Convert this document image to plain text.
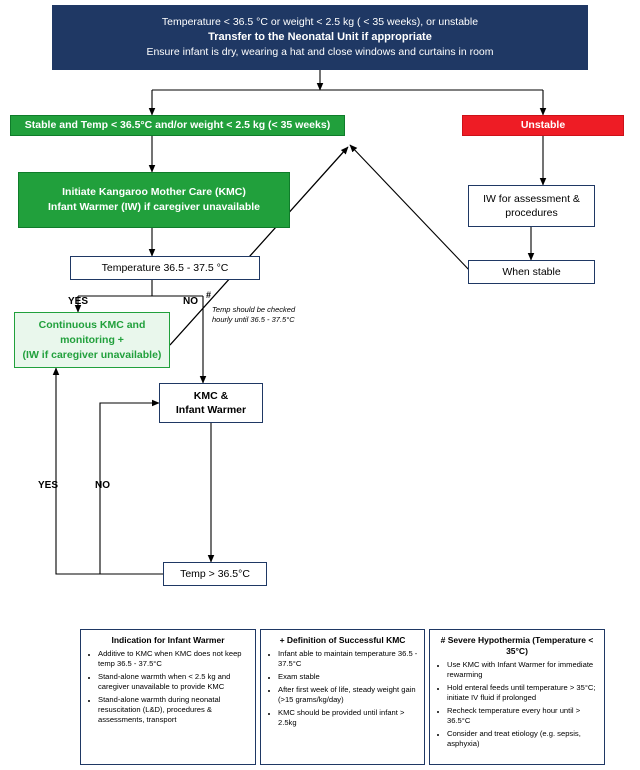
Temperature < 36.5 °C or weight < 2.5 kg ( < 35 weeks), or unstable
Transfer to the Neonatal Unit if appropriate
Ensure infant is dry, wearing a hat and close windows and curtains in room
Stable and Temp < 36.5°C and/or weight < 2.5 kg (< 35 weeks)	Unstable
Initiate Kangaroo Mother Care (KMC)
Infant Warmer (IW) if caregiver unavailable
Temperature 36.5 - 37.5 °C
Continuous KMC and
monitoring +
(IW if caregiver unavailable)
KMC &
Infant Warmer
Temp > 36.5°C
IW for assessment &
procedures
When stable
YES	NO
#
Temp should be checked hourly until 36.5 - 37.5°C
YES	NO
Indication for Infant Warmer
• Additive to KMC when KMC does not keep temp 36.5 - 37.5°C
• Stand-alone warmth when < 2.5 kg and caregiver unavailable to provide KMC
• Stand-alone warmth during neonatal resuscitation (L&D), procedures & assessments, transport
+ Definition of Successful KMC
• Infant able to maintain temperature 36.5 - 37.5°C
• Exam stable
• After first week of life, steady weight gain (>15 grams/kg/day)
• KMC should be provided until infant > 2.5kg
# Severe Hypothermia (Temperature < 35°C)
• Use KMC with Infant Warmer for immediate rewarming
• Hold enteral feeds until temperature > 35°C; initiate IV fluid if prolonged
• Recheck temperature every hour until > 36.5°C
• Consider and treat etiology (e.g. sepsis, asphyxia)
